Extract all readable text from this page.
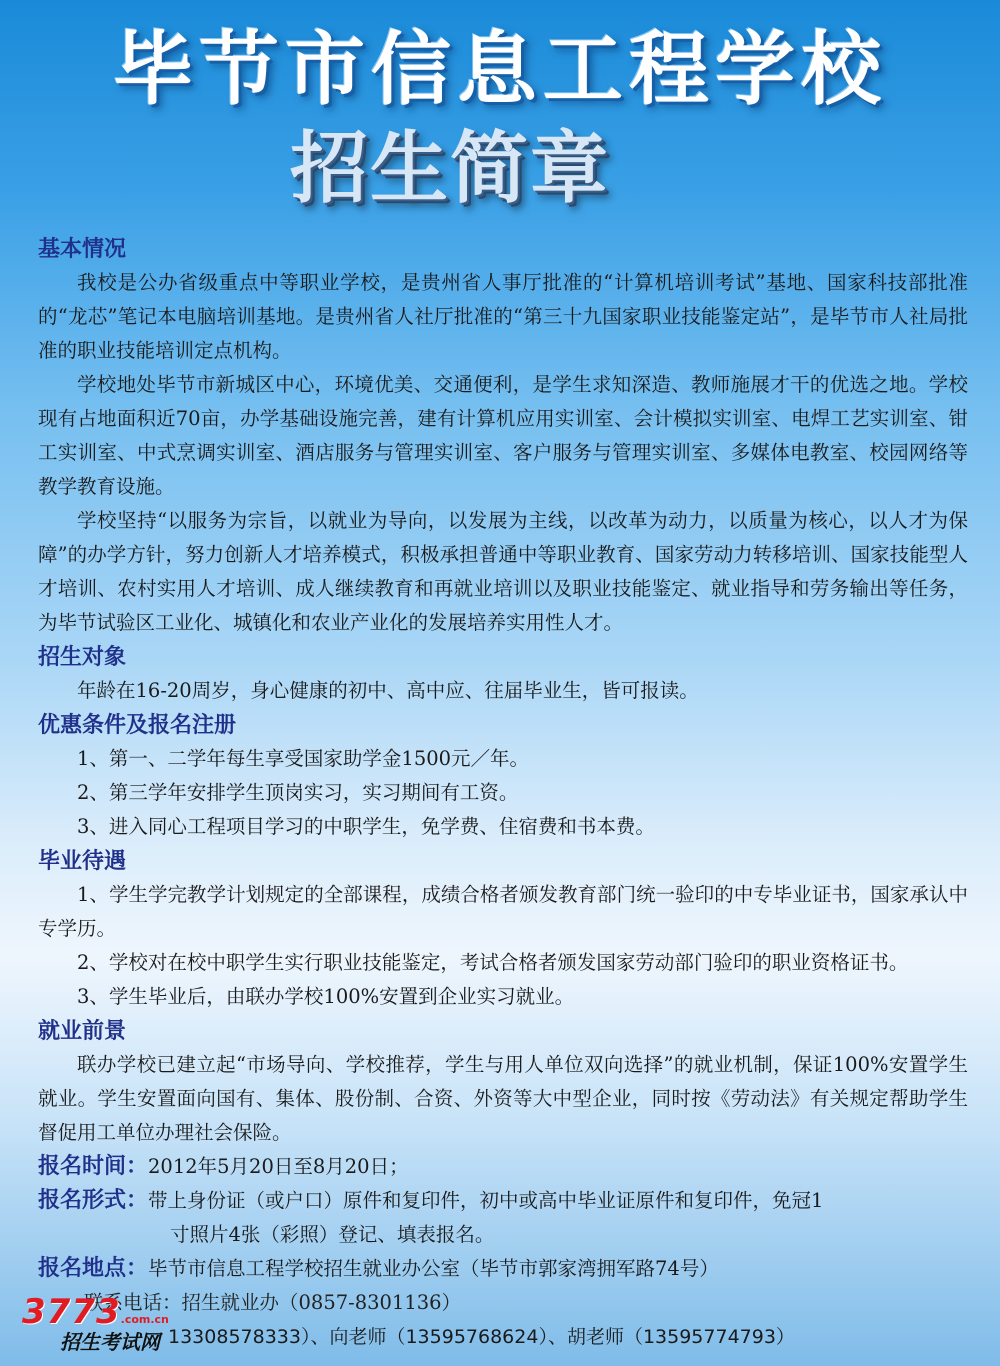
毕节市信息工程学校
招生简章
基本情况

我校是公办省级重点中等职业学校，是贵州省人事厅批准的“计算机培训考试”基地、国家科技部批准的“龙芯”笔记本电脑培训基地。是贵州省人社厅批准的“第三十九国家职业技能鉴定站”，是毕节市人社局批准的职业技能培训定点机构。

学校地处毕节市新城区中心，环境优美、交通便利，是学生求知深造、教师施展才干的优选之地。学校现有占地面积近70亩，办学基础设施完善，建有计算机应用实训室、会计模拟实训室、电焊工艺实训室、钳工实训室、中式烹调实训室、酒店服务与管理实训室、客户服务与管理实训室、多媒体电教室、校园网络等教学教育设施。

学校坚持“以服务为宗旨，以就业为导向，以发展为主线，以改革为动力，以质量为核心，以人才为保障”的办学方针，努力创新人才培养模式，积极承担普通中等职业教育、国家劳动力转移培训、国家技能型人才培训、农村实用人才培训、成人继续教育和再就业培训以及职业技能鉴定、就业指导和劳务输出等任务，为毕节试验区工业化、城镇化和农业产业化的发展培养实用性人才。

招生对象

年龄在16-20周岁，身心健康的初中、高中应、往届毕业生，皆可报读。

优惠条件及报名注册

1、第一、二学年每生享受国家助学金1500元／年。

2、第三学年安排学生顶岗实习，实习期间有工资。

3、进入同心工程项目学习的中职学生，免学费、住宿费和书本费。

毕业待遇

1、学生学完教学计划规定的全部课程，成绩合格者颁发教育部门统一验印的中专毕业证书，国家承认中专学历。

2、学校对在校中职学生实行职业技能鉴定，考试合格者颁发国家劳动部门验印的职业资格证书。

3、学生毕业后，由联办学校100%安置到企业实习就业。

就业前景

联办学校已建立起“市场导向、学校推荐，学生与用人单位双向选择”的就业机制，保证100%安置学生就业。学生安置面向国有、集体、股份制、合资、外资等大中型企业，同时按《劳动法》有关规定帮助学生督促用工单位办理社会保险。

报名时间：2012年5月20日至8月20日；

报名形式：带上身份证（或户口）原件和复印件，初中或高中毕业证原件和复印件，免冠1

寸照片4张（彩照）登记、填表报名。

报名地点：毕节市信息工程学校招生就业办公室（毕节市郭家湾拥军路74号）

联系电话：招生就业办（0857-8301136）

13308578333）、向老师（13595768624）、胡老师（13595774793）

3773.com.cn
招生考试网
